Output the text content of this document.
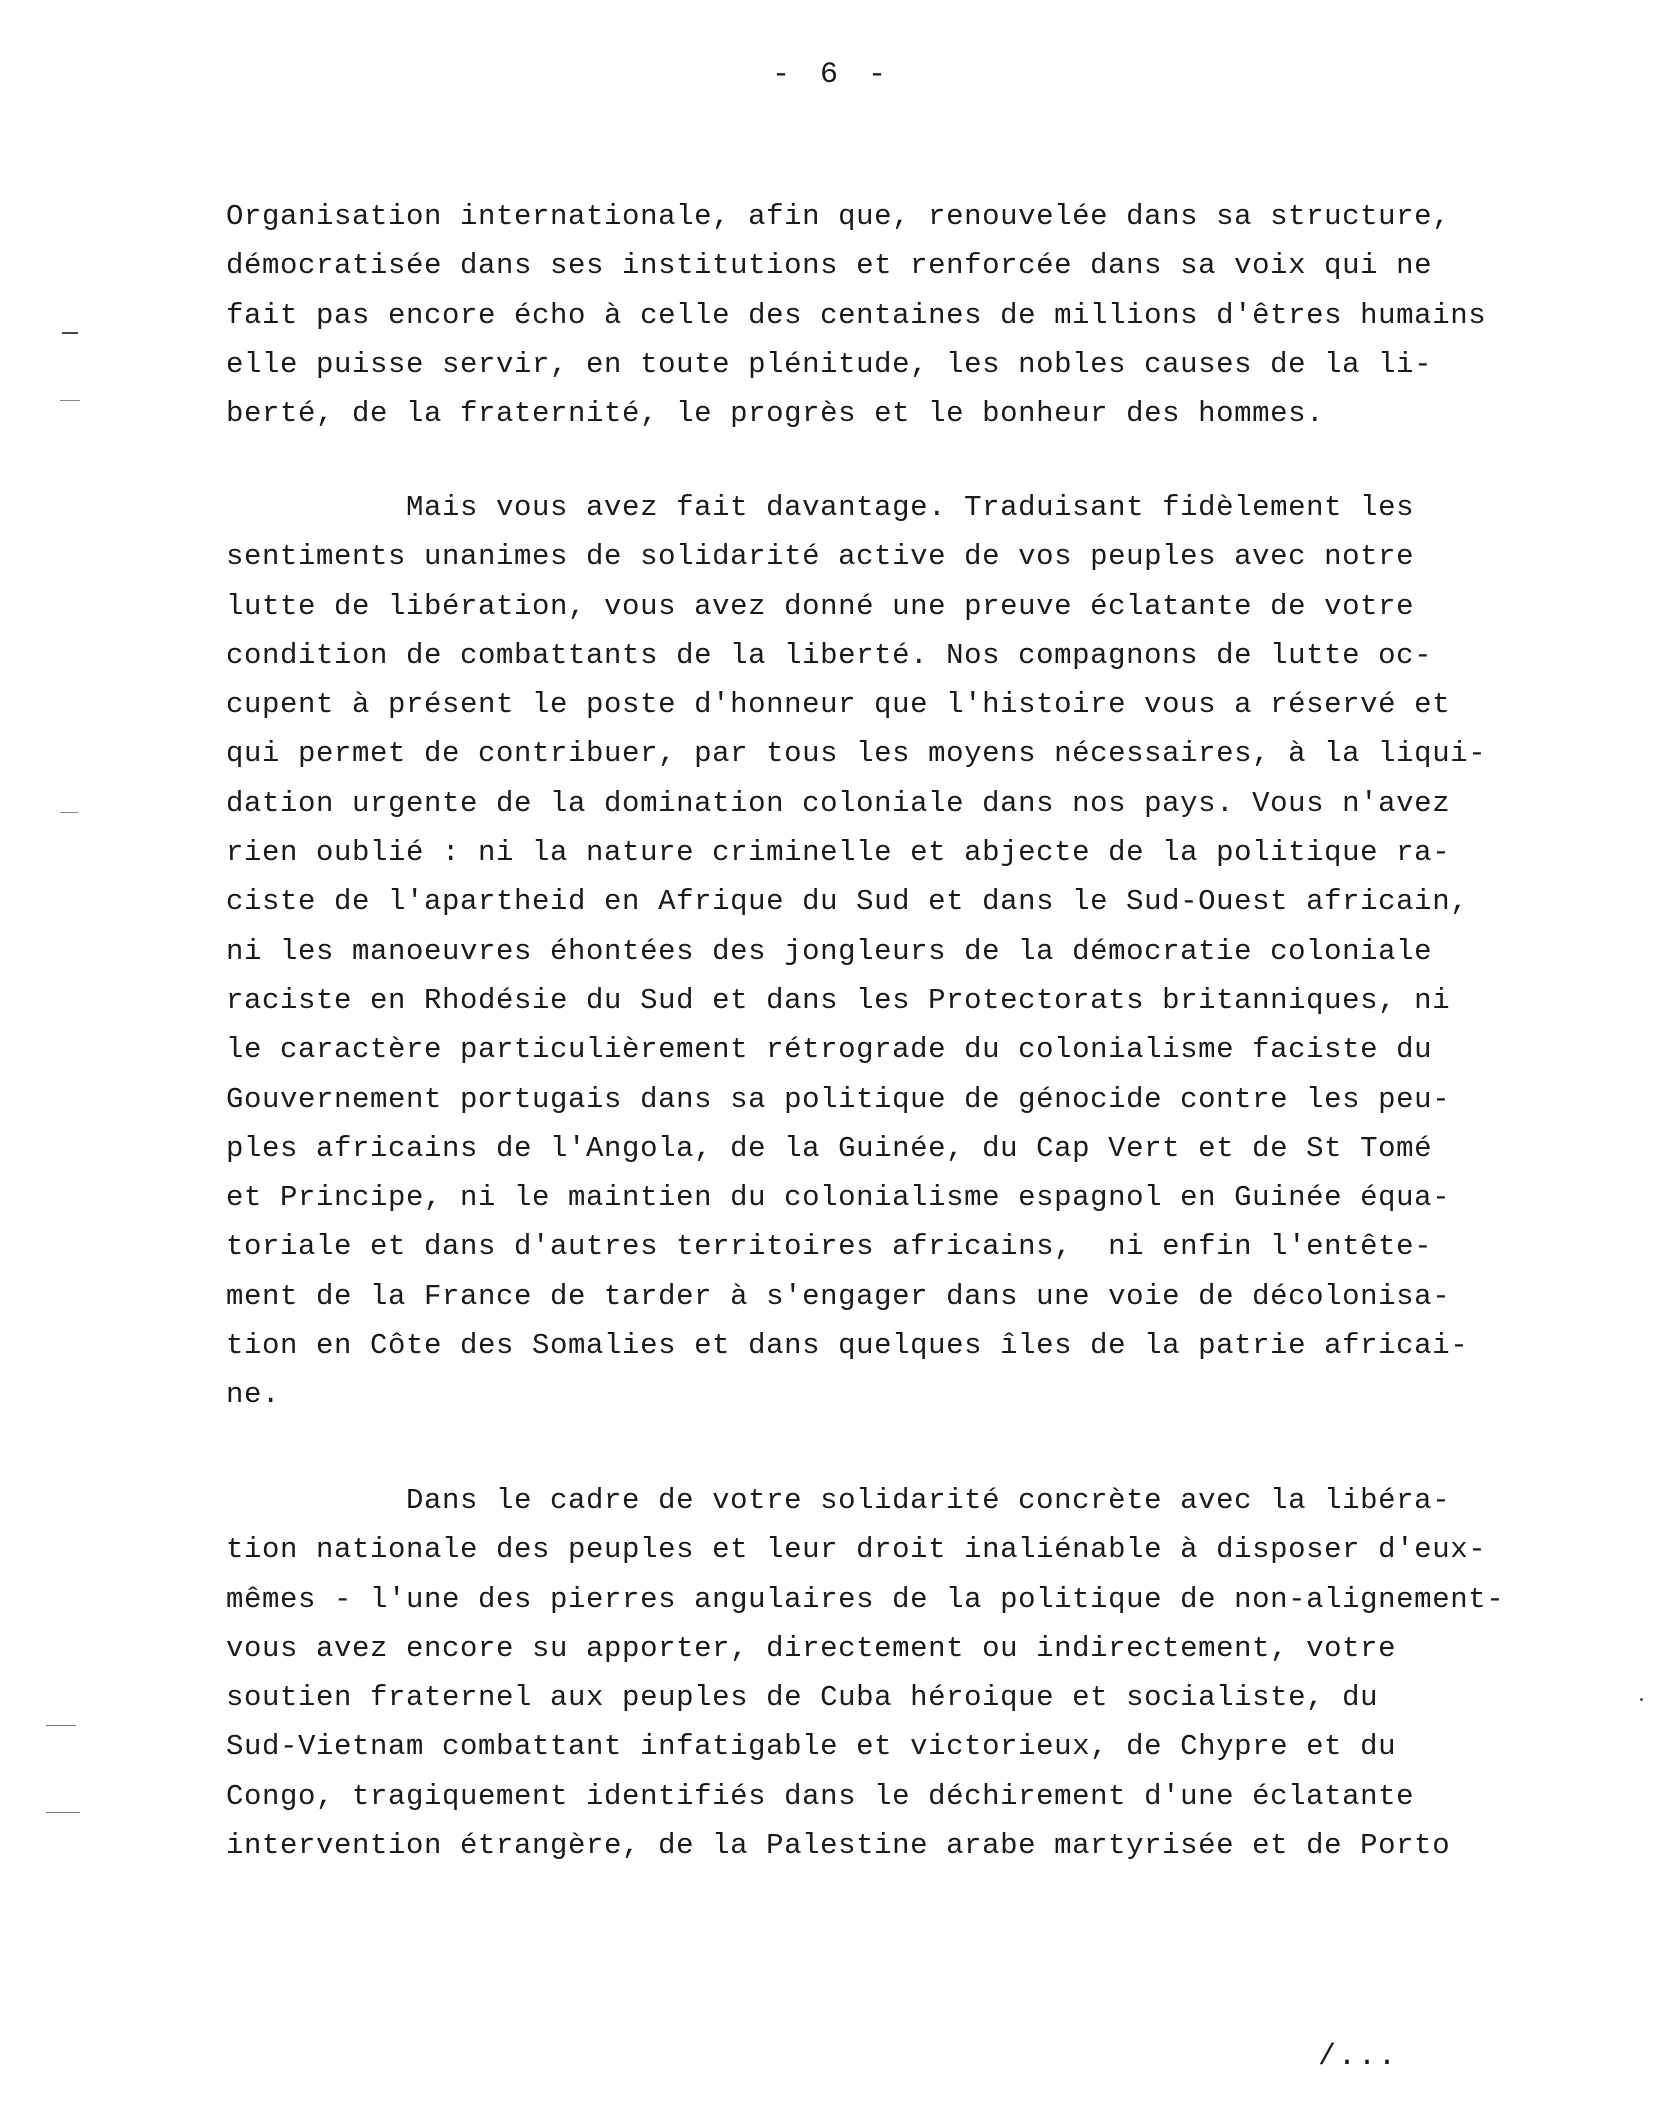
- 6 -
Organisation internationale, afin que, renouvelée dans sa structure,
démocratisée dans ses institutions et renforcée dans sa voix qui ne
fait pas encore écho à celle des centaines de millions d'êtres humains
elle puisse servir, en toute plénitude, les nobles causes de la li-
berté, de la fraternité, le progrès et le bonheur des hommes.
Mais vous avez fait davantage. Traduisant fidèlement les
sentiments unanimes de solidarité active de vos peuples avec notre
lutte de libération, vous avez donné une preuve éclatante de votre
condition de combattants de la liberté. Nos compagnons de lutte oc-
cupent à présent le poste d'honneur que l'histoire vous a réservé et
qui permet de contribuer, par tous les moyens nécessaires, à la liqui-
dation urgente de la domination coloniale dans nos pays. Vous n'avez
rien oublié : ni la nature criminelle et abjecte de la politique ra-
ciste de l'apartheid en Afrique du Sud et dans le Sud-Ouest africain,
ni les manoeuvres éhontées des jongleurs de la démocratie coloniale
raciste en Rhodésie du Sud et dans les Protectorats britanniques, ni
le caractère particulièrement rétrograde du colonialisme faciste du
Gouvernement portugais dans sa politique de génocide contre les peu-
ples africains de l'Angola, de la Guinée, du Cap Vert et de St Tomé
et Principe, ni le maintien du colonialisme espagnol en Guinée équa-
toriale et dans d'autres territoires africains,  ni enfin l'entête-
ment de la France de tarder à s'engager dans une voie de décolonisa-
tion en Côte des Somalies et dans quelques îles de la patrie africai-
ne.
Dans le cadre de votre solidarité concrète avec la libéra-
tion nationale des peuples et leur droit inaliénable à disposer d'eux-
mêmes - l'une des pierres angulaires de la politique de non-alignement-
vous avez encore su apporter, directement ou indirectement, votre
soutien fraternel aux peuples de Cuba héroique et socialiste, du
Sud-Vietnam combattant infatigable et victorieux, de Chypre et du
Congo, tragiquement identifiés dans le déchirement d'une éclatante
intervention étrangère, de la Palestine arabe martyrisée et de Porto
/...
